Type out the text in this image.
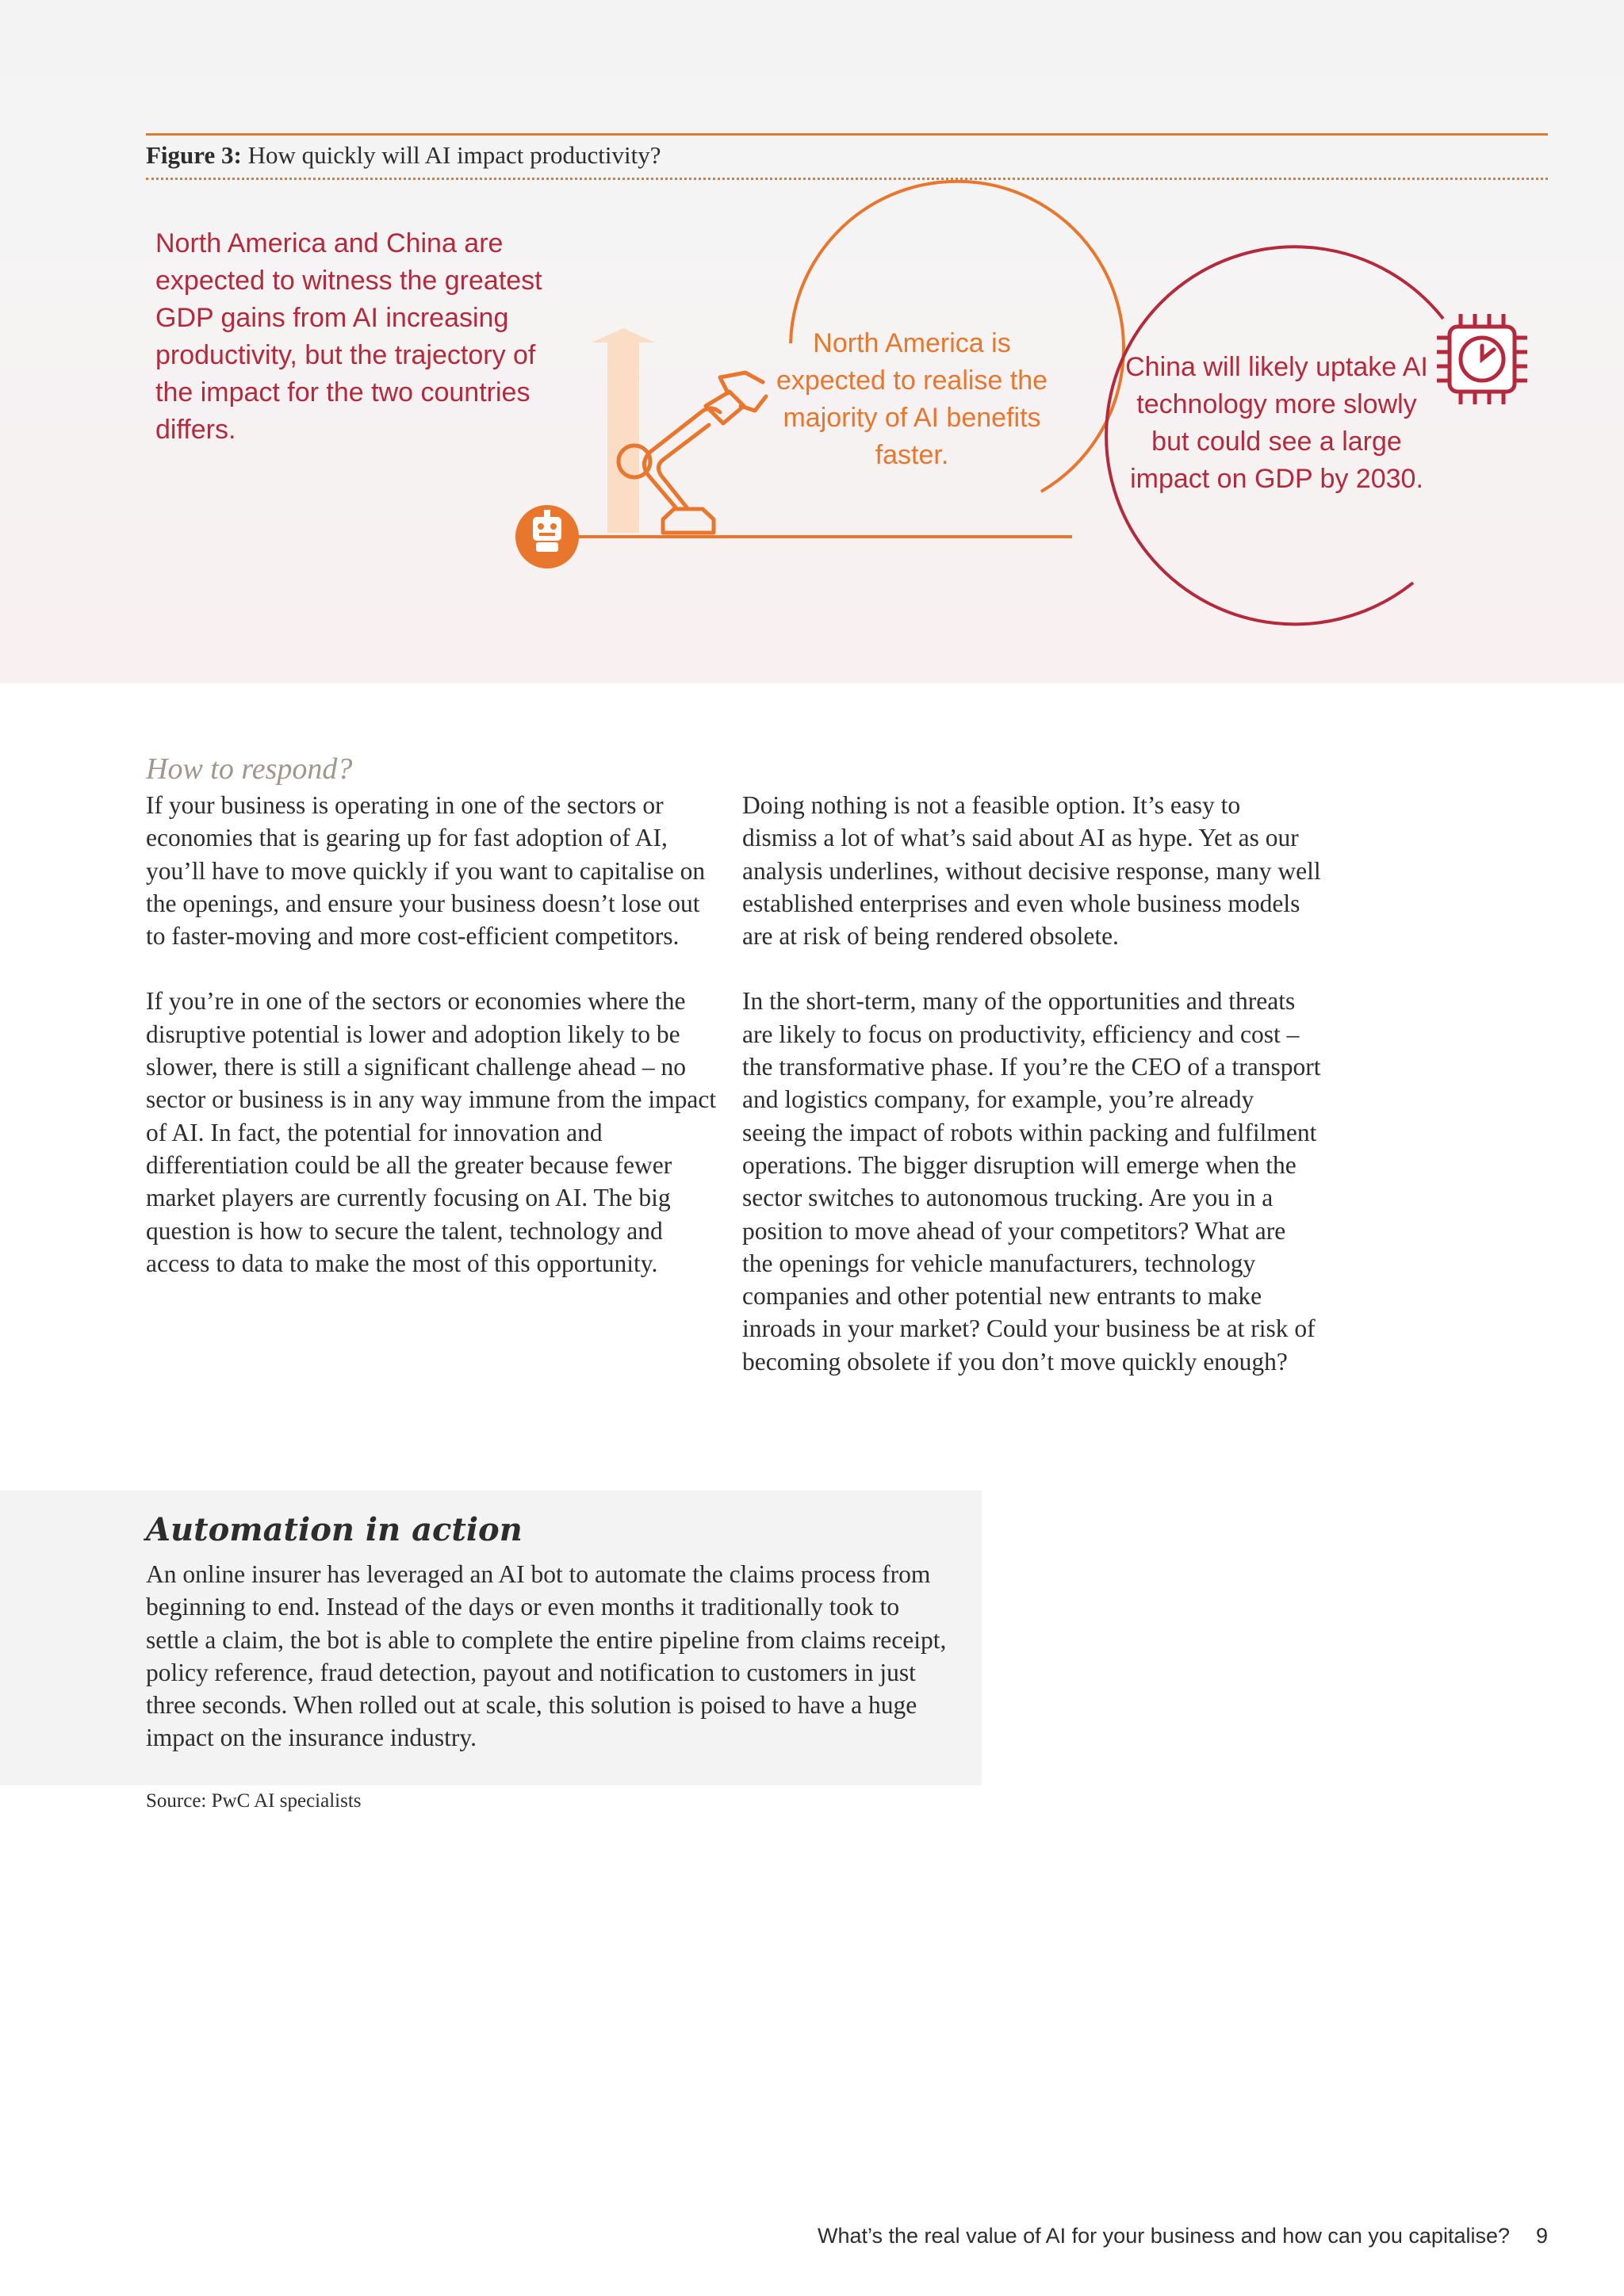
Figure 3: How quickly will AI impact productivity?
North America and China are expected to witness the greatest GDP gains from AI increasing productivity, but the trajectory of the impact for the two countries differs.
North America is expected to realise the majority of AI benefits faster.
China will likely uptake AI technology more slowly but could see a large impact on GDP by 2030.
How to respond?

If your business is operating in one of the sectors or economies that is gearing up for fast adoption of AI, you’ll have to move quickly if you want to capitalise on the openings, and ensure your business doesn’t lose out to faster-moving and more cost-efficient competitors.

If you’re in one of the sectors or economies where the disruptive potential is lower and adoption likely to be slower, there is still a significant challenge ahead – no sector or business is in any way immune from the impact of AI. In fact, the potential for innovation and differentiation could be all the greater because fewer market players are currently focusing on AI. The big question is how to secure the talent, technology and access to data to make the most of this opportunity.

Doing nothing is not a feasible option. It’s easy to dismiss a lot of what’s said about AI as hype. Yet as our analysis underlines, without decisive response, many well established enterprises and even whole business models are at risk of being rendered obsolete.

In the short-term, many of the opportunities and threats are likely to focus on productivity, efficiency and cost – the transformative phase. If you’re the CEO of a transport and logistics company, for example, you’re already seeing the impact of robots within packing and fulfilment operations. The bigger disruption will emerge when the sector switches to autonomous trucking. Are you in a position to move ahead of your competitors? What are the openings for vehicle manufacturers, technology companies and other potential new entrants to make inroads in your market? Could your business be at risk of becoming obsolete if you don’t move quickly enough?

Automation in action
An online insurer has leveraged an AI bot to automate the claims process from beginning to end. Instead of the days or even months it traditionally took to settle a claim, the bot is able to complete the entire pipeline from claims receipt, policy reference, fraud detection, payout and notification to customers in just three seconds. When rolled out at scale, this solution is poised to have a huge impact on the insurance industry.
Source: PwC AI specialists
What’s the real value of AI for your business and how can you capitalise? 9
